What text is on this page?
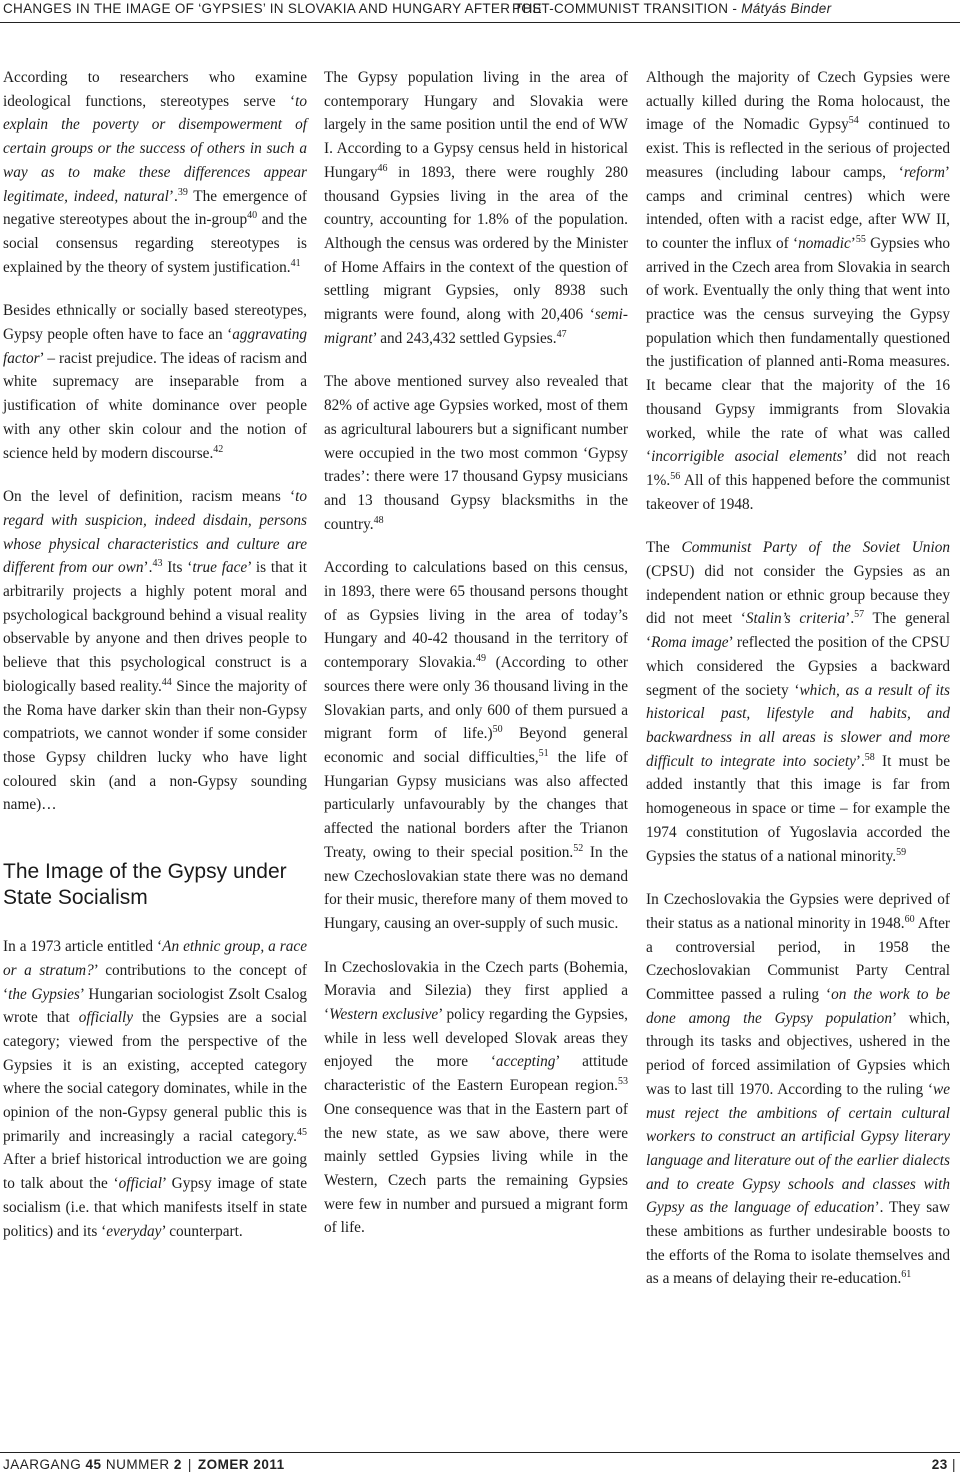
CHANGES IN THE IMAGE OF ‘GYPSIES’ IN SLOVAKIA AND HUNGARY AFTER THE
POST-COMMUNIST TRANSITION - Mátyás Binder

According to researchers who examine ideological functions, stereotypes serve ‘to explain the poverty or disempowerment of certain groups or the success of others in such a way as to make these differences appear legitimate, indeed, natural’.$^{39}$ The emergence of negative stereotypes about the in-group$^{40}$ and the social consensus regarding stereotypes is explained by the theory of system justification.$^{41}$

Besides ethnically or socially based stereotypes, Gypsy people often have to face an ‘aggravating factor’ – racist prejudice. The ideas of racism and white supremacy are inseparable from a justification of white dominance over people with any other skin colour and the notion of science held by modern discourse.$^{42}$

On the level of definition, racism means ‘to regard with suspicion, indeed disdain, persons whose physical characteristics and culture are different from our own’.$^{43}$ Its ‘true face’ is that it arbitrarily projects a highly potent moral and psychological background behind a visual reality observable by anyone and then drives people to believe that this psychological construct is a biologically based reality.$^{44}$ Since the majority of the Roma have darker skin than their non-Gypsy compatriots, we cannot wonder if some consider those Gypsy children lucky who have light coloured skin (and a non-Gypsy sounding name)…

The Image of the Gypsy under State Socialism

In a 1973 article entitled ‘An ethnic group, a race or a stratum?’ contributions to the concept of ‘the Gypsies’ Hungarian sociologist Zsolt Csalog wrote that officially the Gypsies are a social category; viewed from the perspective of the Gypsies it is an existing, accepted category where the social category dominates, while in the opinion of the non-Gypsy general public this is primarily and increasingly a racial category.$^{45}$ After a brief historical introduction we are going to talk about the ‘official’ Gypsy image of state socialism (i.e. that which manifests itself in state politics) and its ‘everyday’ counterpart.

The Gypsy population living in the area of contemporary Hungary and Slovakia were largely in the same position until the end of WW I. According to a Gypsy census held in historical Hungary$^{46}$ in 1893, there were roughly 280 thousand Gypsies living in the area of the country, accounting for 1.8% of the population. Although the census was ordered by the Minister of Home Affairs in the context of the question of settling migrant Gypsies, only 8938 such migrants were found, along with 20,406 ‘semi-migrant’ and 243,432 settled Gypsies.$^{47}$

The above mentioned survey also revealed that 82% of active age Gypsies worked, most of them as agricultural labourers but a significant number were occupied in the two most common ‘Gypsy trades’: there were 17 thousand Gypsy musicians and 13 thousand Gypsy blacksmiths in the country.$^{48}$

According to calculations based on this census, in 1893, there were 65 thousand persons thought of as Gypsies living in the area of today’s Hungary and 40-42 thousand in the territory of contemporary Slovakia.$^{49}$ (According to other sources there were only 36 thousand living in the Slovakian parts, and only 600 of them pursued a migrant form of life.)$^{50}$ Beyond general economic and social difficulties,$^{51}$ the life of Hungarian Gypsy musicians was also affected particularly unfavourably by the changes that affected the national borders after the Trianon Treaty, owing to their special position.$^{52}$ In the new Czechoslovakian state there was no demand for their music, therefore many of them moved to Hungary, causing an over-supply of such music.

In Czechoslovakia in the Czech parts (Bohemia, Moravia and Silezia) they first applied a ‘Western exclusive’ policy regarding the Gypsies, while in less well developed Slovak areas they enjoyed the more ‘accepting’ attitude characteristic of the Eastern European region.$^{53}$ One consequence was that in the Eastern part of the new state, as we saw above, there were mainly settled Gypsies living while in the Western, Czech parts the remaining Gypsies were few in number and pursued a migrant form of life.

Although the majority of Czech Gypsies were actually killed during the Roma holocaust, the image of the Nomadic Gypsy$^{54}$ continued to exist. This is reflected in the serious of projected measures (including labour camps, ‘reform’ camps and criminal centres) which were intended, often with a racist edge, after WW II, to counter the influx of ‘nomadic’$^{55}$ Gypsies who arrived in the Czech area from Slovakia in search of work. Eventually the only thing that went into practice was the census surveying the Gypsy population which then fundamentally questioned the justification of planned anti-Roma measures. It became clear that the majority of the 16 thousand Gypsy immigrants from Slovakia worked, while the rate of what was called ‘incorrigible asocial elements’ did not reach 1%.$^{56}$ All of this happened before the communist takeover of 1948.

The Communist Party of the Soviet Union (CPSU) did not consider the Gypsies as an independent nation or ethnic group because they did not meet ‘Stalin’s criteria’.$^{57}$ The general ‘Roma image’ reflected the position of the CPSU which considered the Gypsies a backward segment of the society ‘which, as a result of its historical past, lifestyle and habits, and backwardness in all areas is slower and more difficult to integrate into society’.$^{58}$ It must be added instantly that this image is far from homogeneous in space or time – for example the 1974 constitution of Yugoslavia accorded the Gypsies the status of a national minority.$^{59}$

In Czechoslovakia the Gypsies were deprived of their status as a national minority in 1948.60 After a controversial period, in 1958 the Czechoslovakian Communist Party Central Committee passed a ruling ‘on the work to be done among the Gypsy population’ which, through its tasks and objectives, ushered in the period of forced assimilation of Gypsies which was to last till 1970. According to the ruling ‘we must reject the ambitions of certain cultural workers to construct an artificial Gypsy literary language and literature out of the earlier dialects and to create Gypsy schools and classes with Gypsy as the language of education’. They saw these ambitions as further undesirable boosts to the efforts of the Roma to isolate themselves and as a means of delaying their re-education.$^{61}$

JAARGANG 45 NUMMER 2 | ZOMER 2011	23 |
